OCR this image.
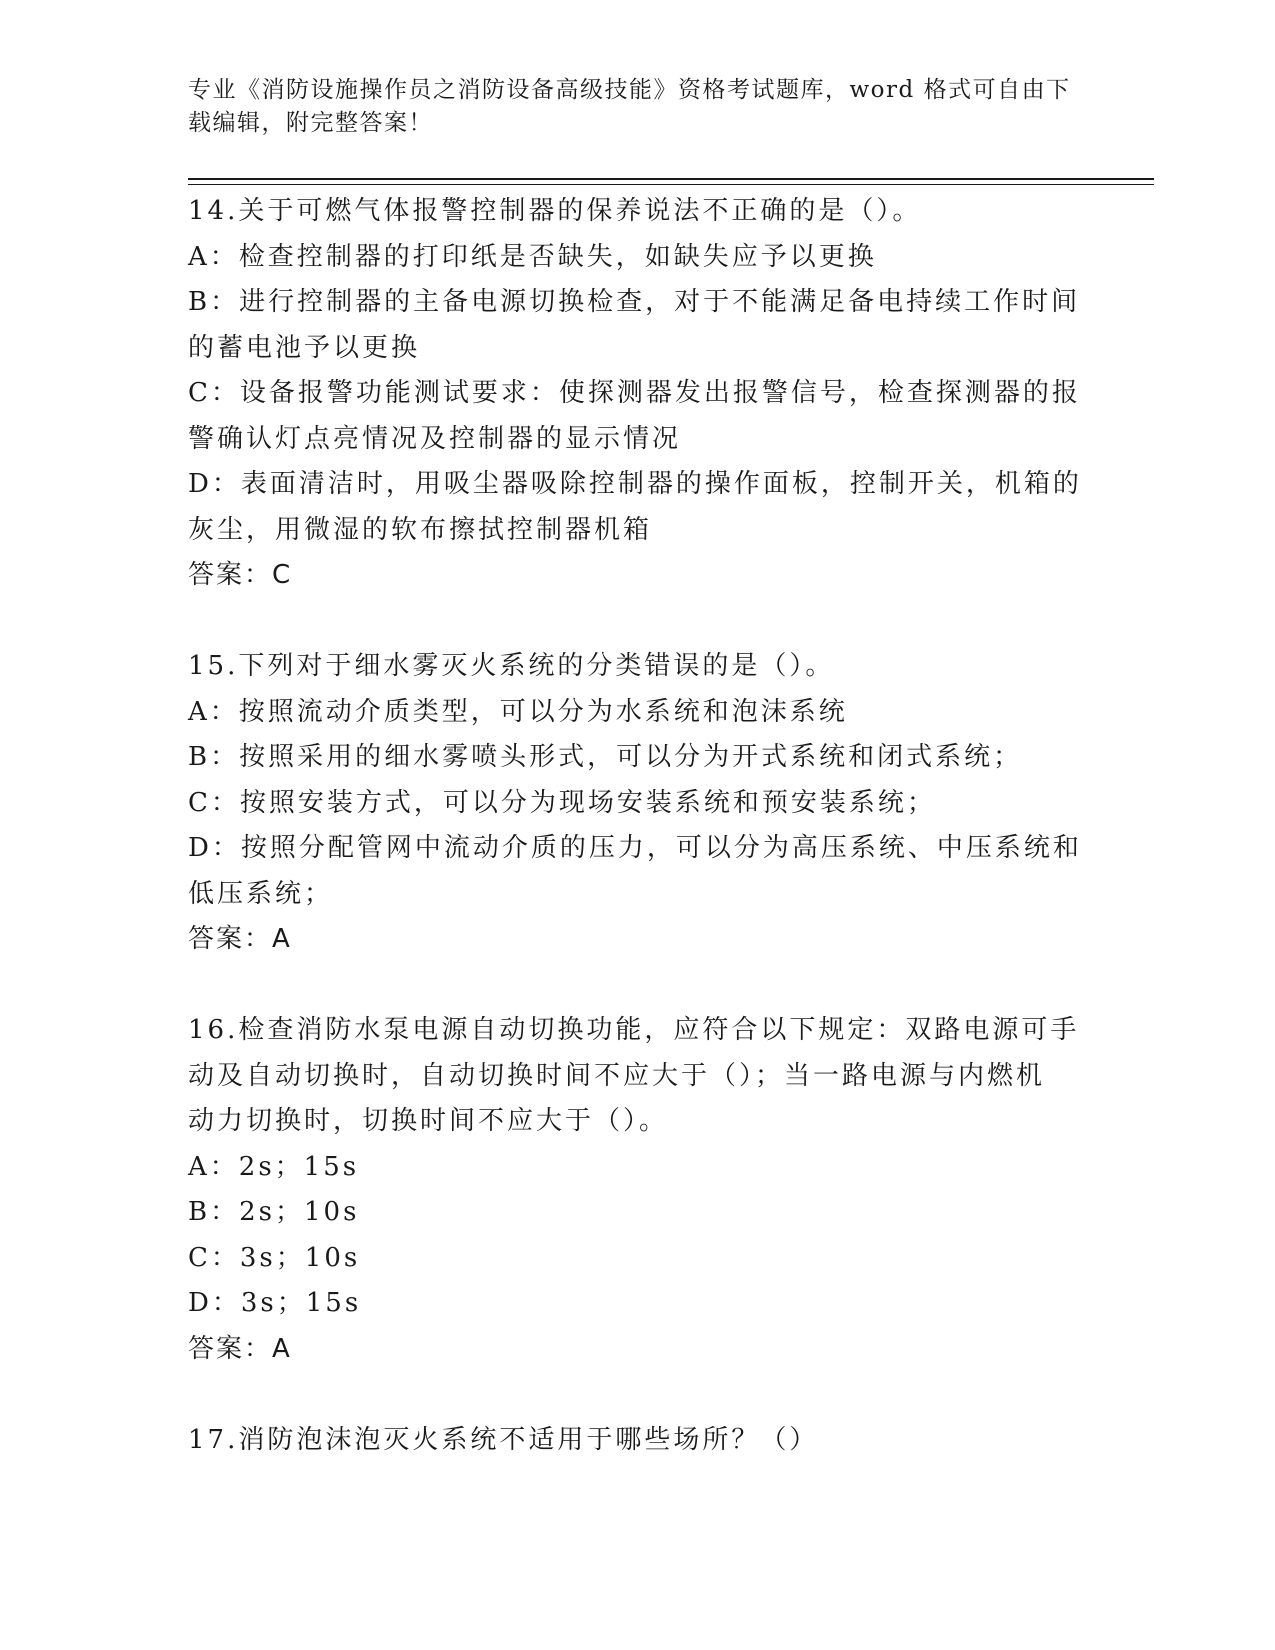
专业《消防设施操作员之消防设备高级技能》资格考试题库，word 格式可自由下
载编辑，附完整答案！
14.关于可燃气体报警控制器的保养说法不正确的是（）。
A：检查控制器的打印纸是否缺失，如缺失应予以更换
B：进行控制器的主备电源切换检查，对于不能满足备电持续工作时间
的蓄电池予以更换
C：设备报警功能测试要求：使探测器发出报警信号，检查探测器的报
警确认灯点亮情况及控制器的显示情况
D：表面清洁时，用吸尘器吸除控制器的操作面板，控制开关，机箱的
灰尘，用微湿的软布擦拭控制器机箱
答案：C
15.下列对于细水雾灭火系统的分类错误的是（）。
A：按照流动介质类型，可以分为水系统和泡沫系统
B：按照采用的细水雾喷头形式，可以分为开式系统和闭式系统；
C：按照安装方式，可以分为现场安装系统和预安装系统；
D：按照分配管网中流动介质的压力，可以分为高压系统、中压系统和
低压系统；
答案：A
16.检查消防水泵电源自动切换功能，应符合以下规定：双路电源可手
动及自动切换时，自动切换时间不应大于（）；当一路电源与内燃机
动力切换时，切换时间不应大于（）。
A：2s；15s
B：2s；10s
C：3s；10s
D：3s；15s
答案：A
17.消防泡沫泡灭火系统不适用于哪些场所？（）
